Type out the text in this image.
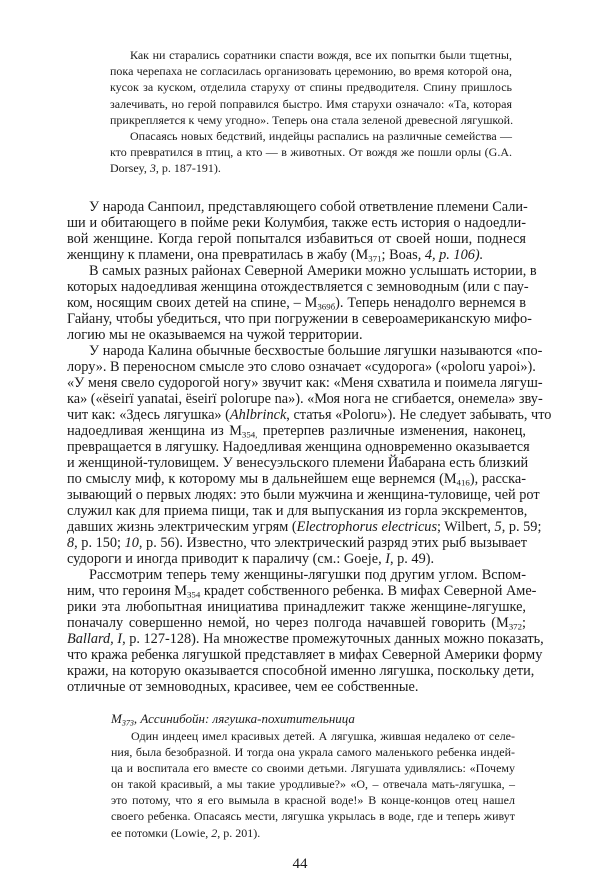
Как ни старались соратники спасти вождя, все их попытки были тщетны,
пока черепаха не согласилась организовать церемонию, во время которой она,
кусок за куском, отделила старуху от спины предводителя. Спину пришлось
залечивать, но герой поправился быстро. Имя старухи означало: «Та, которая
прикрепляется к чему угодно». Теперь она стала зеленой древесной лягушкой.
Опасаясь новых бедствий, индейцы распались на различные семейства —
кто превратился в птиц, а кто — в животных. От вождя же пошли орлы (G.A.
Dorsey, 3, p. 187-191).
У народа Санпоил, представляющего собой ответвление племени Сали-
ши и обитающего в пойме реки Колумбия, также есть история о надоедли-
вой женщине. Когда герой попытался избавиться от своей ноши, поднеся
женщину к пламени, она превратилась в жабу ($M_{371}$; Boas, 4, p. 106).
В самых разных районах Северной Америки можно услышать истории, в
которых надоедливая женщина отождествляется с земноводным (или с пау-
ком, носящим своих детей на спине, – $M_{369б}$). Теперь ненадолго вернемся в
Гайану, чтобы убедиться, что при погружении в североамериканскую мифо-
логию мы не оказываемся на чужой территории.
У народа Калина обычные бесхвостые большие лягушки называются «по-
лору». В переносном смысле это слово означает «судорога» («poloru yapoi»).
«У меня свело судорогой ногу» звучит как: «Меня схватила и поимела лягуш-
ка» («ëseirï yanatai, ëseirï polorupe na»). «Моя нога не сгибается, онемела» зву-
чит как: «Здесь лягушка» (Ahlbrinck, статья «Poloru»). Не следует забывать, что
надоедливая женщина из $M_{354,}$ претерпев различные изменения, наконец,
превращается в лягушку. Надоедливая женщина одновременно оказывается
и женщиной-туловищем. У венесуэльского племени Йабарана есть близкий
по смыслу миф, к которому мы в дальнейшем еще вернемся $(M_{416})$, расска-
зывающий о первых людях: это были мужчина и женщина-туловище, чей рот
служил как для приема пищи, так и для выпускания из горла экскрементов,
давших жизнь электрическим угрям (Electrophorus electricus; Wilbert, 5, p. 59;
8, p. 150; 10, p. 56). Известно, что электрический разряд этих рыб вызывает
судороги и иногда приводит к параличу (см.: Goeje, I, p. 49).
Рассмотрим теперь тему женщины-лягушки под другим углом. Вспом-
ним, что героиня $M_{354}$ крадет собственного ребенка. В мифах Северной Аме-
рики эта любопытная инициатива принадлежит также женщине-лягушке,
поначалу совершенно немой, но через полгода начавшей говорить ($M_{372}$;
Ballard, I, p. 127-128). На множестве промежуточных данных можно показать,
что кража ребенка лягушкой представляет в мифах Северной Америки форму
кражи, на которую оказывается способной именно лягушка, поскольку дети,
отличные от земноводных, красивее, чем ее собственные.
$M_{373}$, Ассинибойн: лягушка-похитительница
Один индеец имел красивых детей. А лягушка, жившая недалеко от селе-
ния, была безобразной. И тогда она украла самого маленького ребенка индей-
ца и воспитала его вместе со своими детьми. Лягушата удивлялись: «Почему
он такой красивый, а мы такие уродливые?» «О, – отвечала мать-лягушка, –
это потому, что я его вымыла в красной воде!» В конце-концов отец нашел
своего ребенка. Опасаясь мести, лягушка укрылась в воде, где и теперь живут
ее потомки (Lowie, 2, p. 201).
44
